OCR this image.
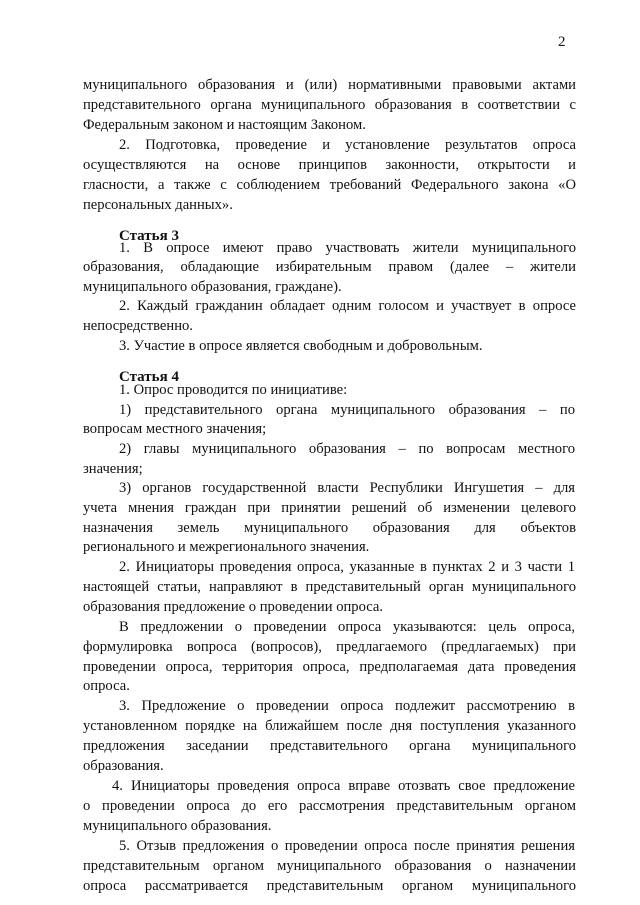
2
муниципального образования и (или) нормативными правовыми актами
представительного органа муниципального образования в соответствии с
Федеральным законом и настоящим Законом.
2. Подготовка, проведение и установление результатов опроса
осуществляются на основе принципов законности, открытости и
гласности, а также с соблюдением требований Федерального закона «О
персональных данных».
Статья 3
1. В опросе имеют право участвовать жители муниципального
образования, обладающие избирательным правом (далее – жители
муниципального образования, граждане).
2. Каждый гражданин обладает одним голосом и участвует в опросе
непосредственно.
3. Участие в опросе является свободным и добровольным.
Статья 4
1. Опрос проводится по инициативе:
1) представительного органа муниципального образования – по
вопросам местного значения;
2) главы муниципального образования – по вопросам местного
значения;
3) органов государственной власти Республики Ингушетия – для
учета мнения граждан при принятии решений об изменении целевого
назначения земель муниципального образования для объектов
регионального и межрегионального значения.
2. Инициаторы проведения опроса, указанные в пунктах 2 и 3 части 1
настоящей статьи, направляют в представительный орган муниципального
образования предложение о проведении опроса.
В предложении о проведении опроса указываются: цель опроса,
формулировка вопроса (вопросов), предлагаемого (предлагаемых) при
проведении опроса, территория опроса, предполагаемая дата проведения
опроса.
3. Предложение о проведении опроса подлежит рассмотрению в
установленном порядке на ближайшем после дня поступления указанного
предложения заседании представительного органа муниципального
образования.
4. Инициаторы проведения опроса вправе отозвать свое предложение
о проведении опроса до его рассмотрения представительным органом
муниципального образования.
5. Отзыв предложения о проведении опроса после принятия решения
представительным органом муниципального образования о назначении
опроса рассматривается представительным органом муниципального
